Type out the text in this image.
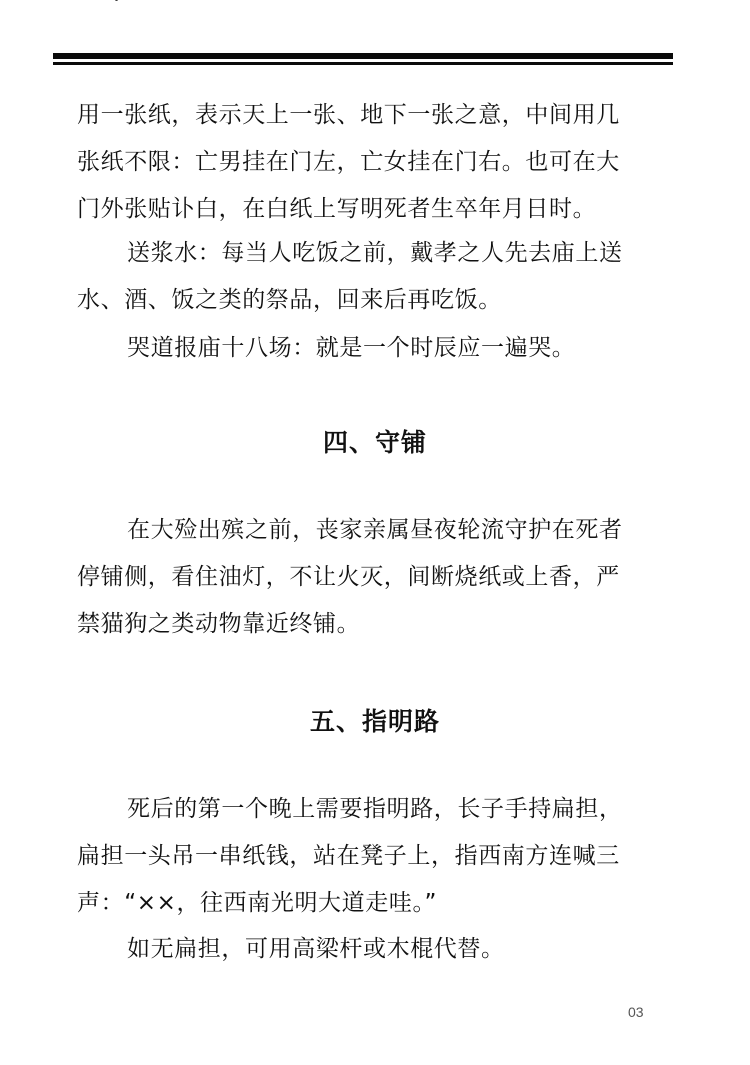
用一张纸，表示天上一张、地下一张之意，中间用几
张纸不限：亡男挂在门左，亡女挂在门右。也可在大
门外张贴讣白，在白纸上写明死者生卒年月日时。
送浆水：每当人吃饭之前，戴孝之人先去庙上送
水、酒、饭之类的祭品，回来后再吃饭。
哭道报庙十八场：就是一个时辰应一遍哭。
四、守铺
在大殓出殡之前，丧家亲属昼夜轮流守护在死者
停铺侧，看住油灯，不让火灭，间断烧纸或上香，严
禁猫狗之类动物靠近终铺。
五、指明路
死后的第一个晚上需要指明路，长子手持扁担，
扁担一头吊一串纸钱，站在凳子上，指西南方连喊三
声：“××，往西南光明大道走哇。”
如无扁担，可用高梁杆或木棍代替。
03
